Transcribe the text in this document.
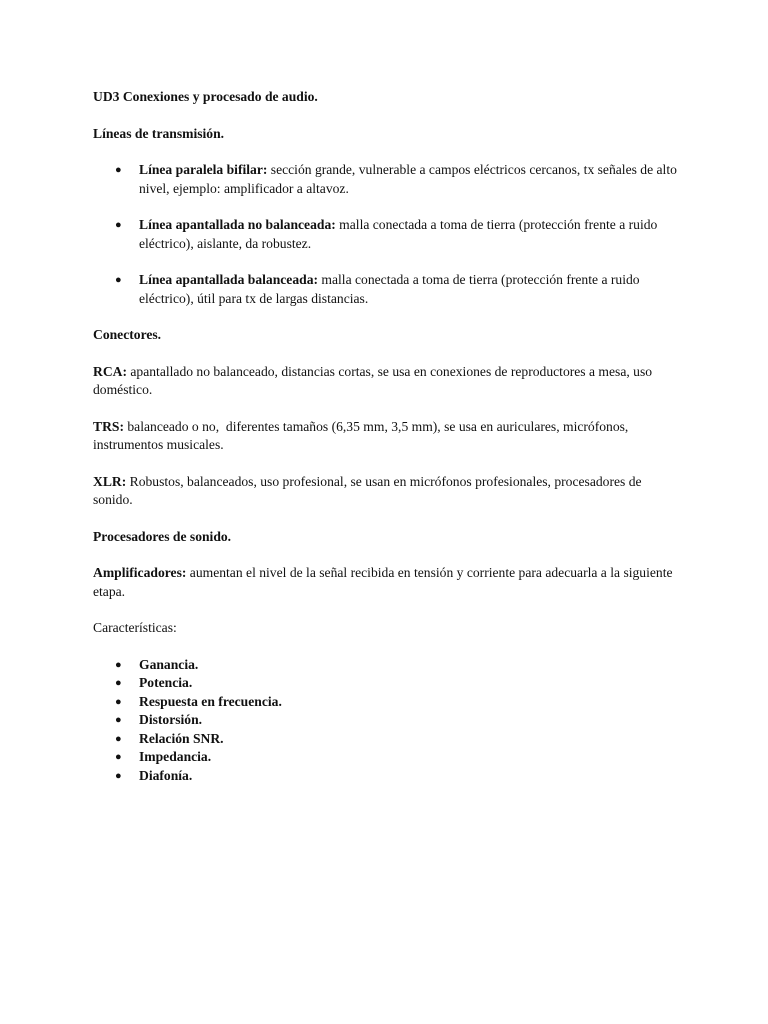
UD3 Conexiones y procesado de audio.

Líneas de transmisión.

● Línea paralela bifilar: sección grande, vulnerable a campos eléctricos cercanos, tx señales de alto nivel, ejemplo: amplificador a altavoz.
● Línea apantallada no balanceada: malla conectada a toma de tierra (protección frente a ruido eléctrico), aislante, da robustez.
● Línea apantallada balanceada: malla conectada a toma de tierra (protección frente a ruido eléctrico), útil para tx de largas distancias.

Conectores.

RCA: apantallado no balanceado, distancias cortas, se usa en conexiones de reproductores a mesa, uso doméstico.

TRS: balanceado o no,  diferentes tamaños (6,35 mm, 3,5 mm), se usa en auriculares, micrófonos, instrumentos musicales.

XLR: Robustos, balanceados, uso profesional, se usan en micrófonos profesionales, procesadores de sonido.

Procesadores de sonido.

Amplificadores: aumentan el nivel de la señal recibida en tensión y corriente para adecuarla a la siguiente etapa.

Características:

● Ganancia.
● Potencia.
● Respuesta en frecuencia.
● Distorsión.
● Relación SNR.
● Impedancia.
● Diafonía.
